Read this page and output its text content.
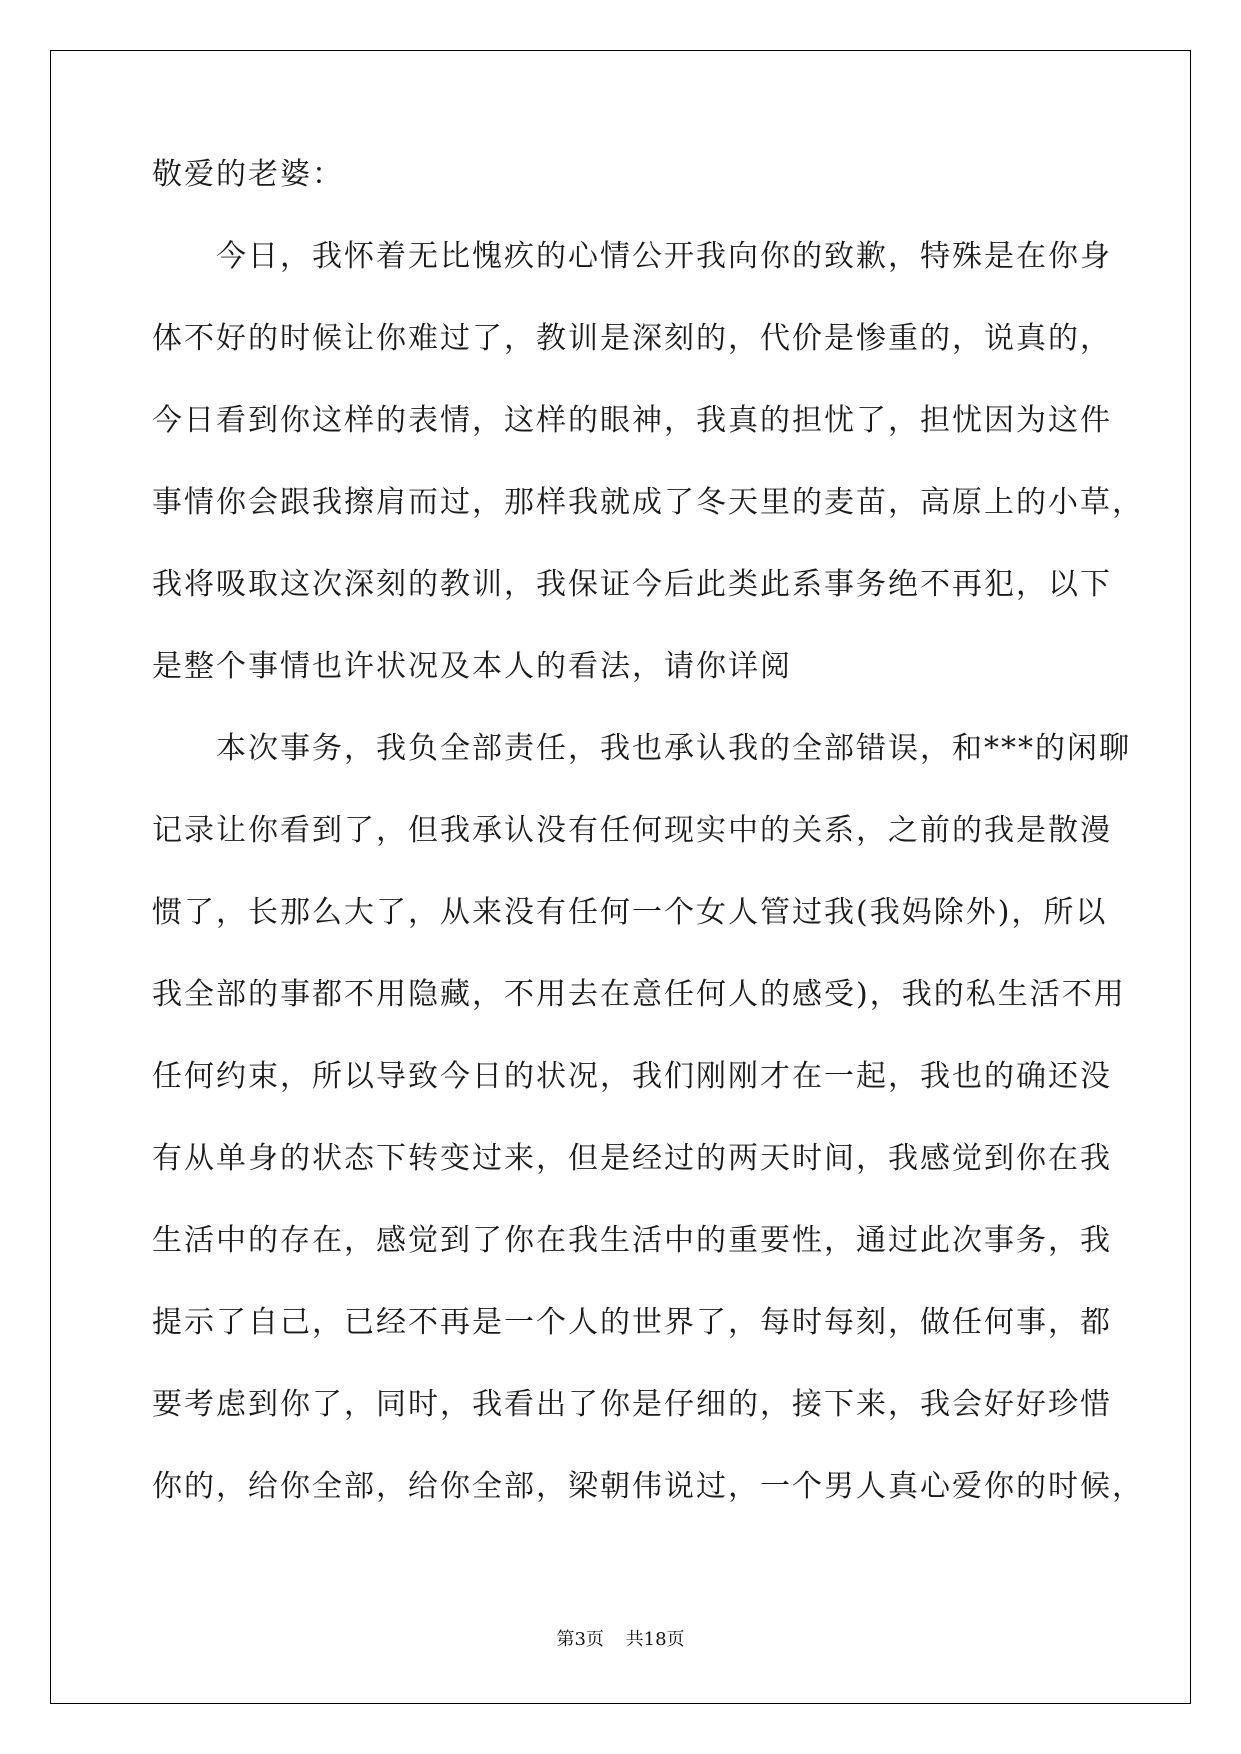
敬爱的老婆：
今日，我怀着无比愧疚的心情公开我向你的致歉，特殊是在你身
体不好的时候让你难过了，教训是深刻的，代价是惨重的，说真的，
今日看到你这样的表情，这样的眼神，我真的担忧了，担忧因为这件
事情你会跟我擦肩而过，那样我就成了冬天里的麦苗，高原上的小草，
我将吸取这次深刻的教训，我保证今后此类此系事务绝不再犯，以下
是整个事情也许状况及本人的看法，请你详阅
本次事务，我负全部责任，我也承认我的全部错误，和***的闲聊
记录让你看到了，但我承认没有任何现实中的关系，之前的我是散漫
惯了，长那么大了，从来没有任何一个女人管过我(我妈除外)，所以
我全部的事都不用隐藏，不用去在意任何人的感受)，我的私生活不用
任何约束，所以导致今日的状况，我们刚刚才在一起，我也的确还没
有从单身的状态下转变过来，但是经过的两天时间，我感觉到你在我
生活中的存在，感觉到了你在我生活中的重要性，通过此次事务，我
提示了自己，已经不再是一个人的世界了，每时每刻，做任何事，都
要考虑到你了，同时，我看出了你是仔细的，接下来，我会好好珍惜
你的，给你全部，给你全部，梁朝伟说过，一个男人真心爱你的时候，
第3页 共18页
